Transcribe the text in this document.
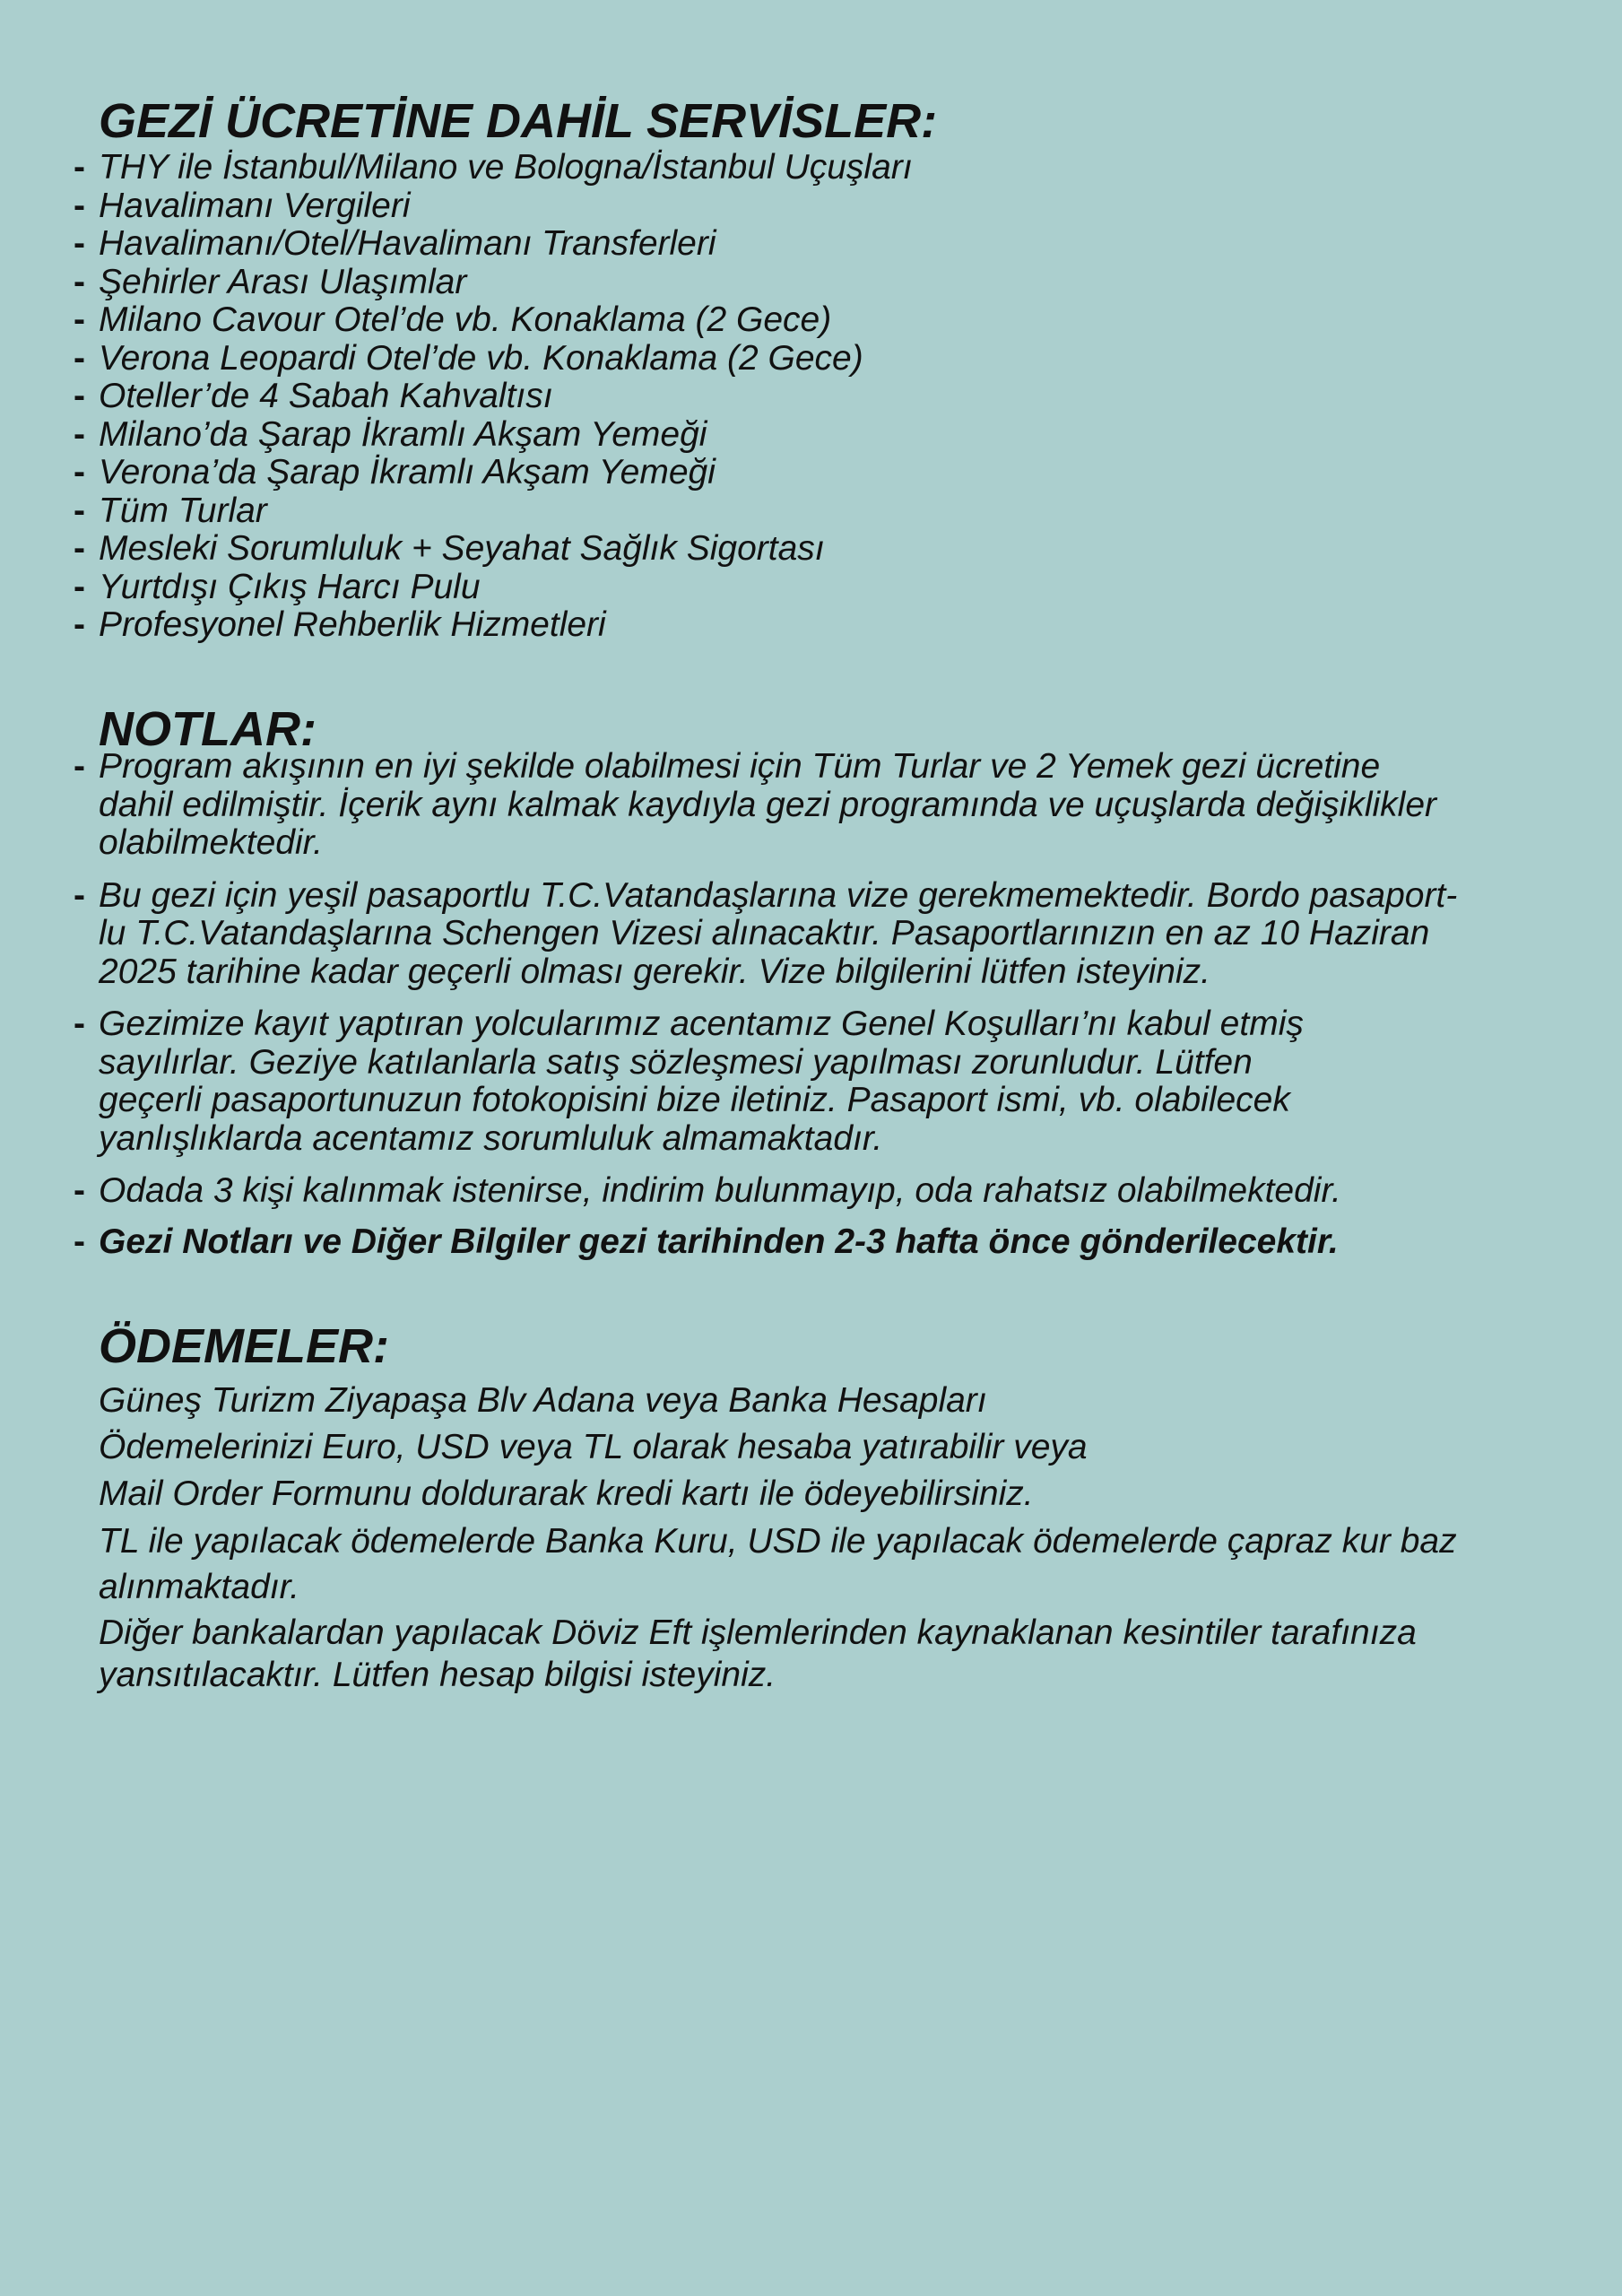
GEZİ ÜCRETİNE DAHİL SERVİSLER:
- THY ile İstanbul/Milano ve Bologna/İstanbul Uçuşları
- Havalimanı Vergileri
- Havalimanı/Otel/Havalimanı Transferleri
- Şehirler Arası Ulaşımlar
- Milano Cavour Otel’de vb. Konaklama (2 Gece)
- Verona Leopardi Otel’de vb. Konaklama (2 Gece)
- Oteller’de 4 Sabah Kahvaltısı
- Milano’da Şarap İkramlı Akşam Yemeği
- Verona’da Şarap İkramlı Akşam Yemeği
- Tüm Turlar
- Mesleki Sorumluluk + Seyahat Sağlık Sigortası
- Yurtdışı Çıkış Harcı Pulu
- Profesyonel Rehberlik Hizmetleri
NOTLAR:
- Program akışının en iyi şekilde olabilmesi için Tüm Turlar ve 2 Yemek gezi ücretine
dahil edilmiştir. İçerik aynı kalmak kaydıyla gezi programında ve uçuşlarda değişiklikler
olabilmektedir.
- Bu gezi için yeşil pasaportlu T.C.Vatandaşlarına vize gerekmemektedir. Bordo pasaport-
lu T.C.Vatandaşlarına Schengen Vizesi alınacaktır. Pasaportlarınızın en az 10 Haziran
2025 tarihine kadar geçerli olması gerekir. Vize bilgilerini lütfen isteyiniz.
- Gezimize kayıt yaptıran yolcularımız acentamız Genel Koşulları’nı kabul etmiş
sayılırlar. Geziye katılanlarla satış sözleşmesi yapılması zorunludur. Lütfen
geçerli pasaportunuzun fotokopisini bize iletiniz. Pasaport ismi, vb. olabilecek
yanlışlıklarda acentamız sorumluluk almamaktadır.
- Odada 3 kişi kalınmak istenirse, indirim bulunmayıp, oda rahatsız olabilmektedir.
- Gezi Notları ve Diğer Bilgiler gezi tarihinden 2-3 hafta önce gönderilecektir.
ÖDEMELER:
Güneş Turizm Ziyapaşa Blv Adana veya Banka Hesapları
Ödemelerinizi Euro, USD veya TL olarak hesaba yatırabilir veya
Mail Order Formunu doldurarak kredi kartı ile ödeyebilirsiniz.
TL ile yapılacak ödemelerde Banka Kuru, USD ile yapılacak ödemelerde çapraz kur baz
alınmaktadır.
Diğer bankalardan yapılacak Döviz Eft işlemlerinden kaynaklanan kesintiler tarafınıza
yansıtılacaktır. Lütfen hesap bilgisi isteyiniz.
